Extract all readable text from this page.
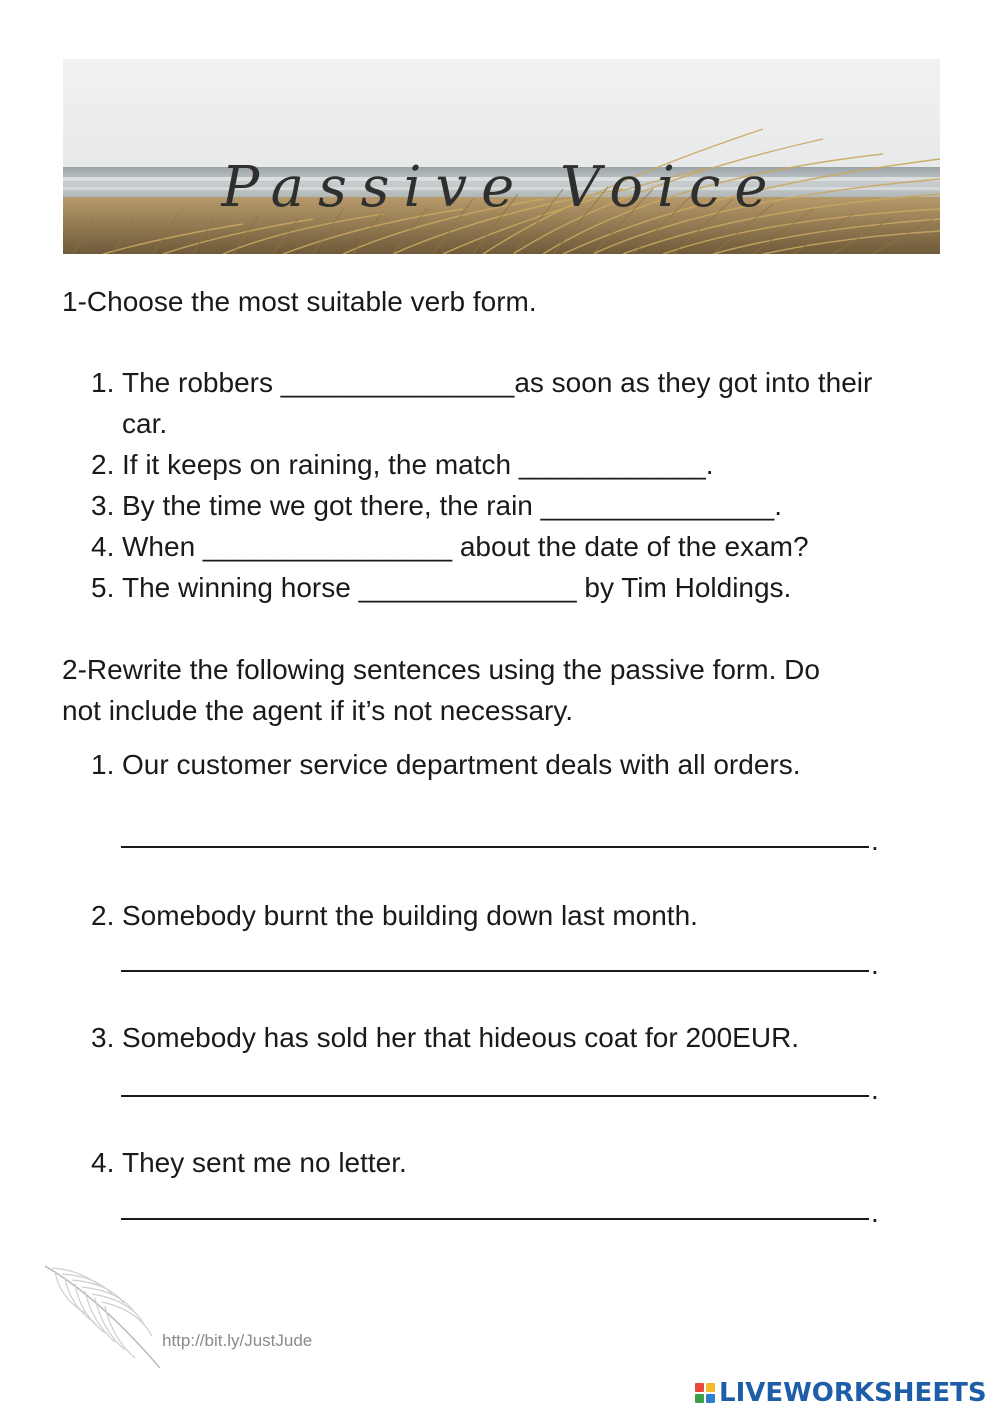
Passive Voice
1-Choose the most suitable verb form.
1. The robbers _______________as soon as they got into their
car.
2. If it keeps on raining, the match ____________.
3. By the time we got there, the rain _______________.
4. When ________________ about the date of the exam?
5. The winning horse ______________ by Tim Holdings.
2-Rewrite the following sentences using the passive form. Do
not include the agent if it’s not necessary.
1. Our customer service department deals with all orders.
.
2. Somebody burnt the building down last month.
.
3. Somebody has sold her that hideous coat for 200EUR.
.
4. They sent me no letter.
.
http://bit.ly/JustJude
LIVEWORKSHEETS
